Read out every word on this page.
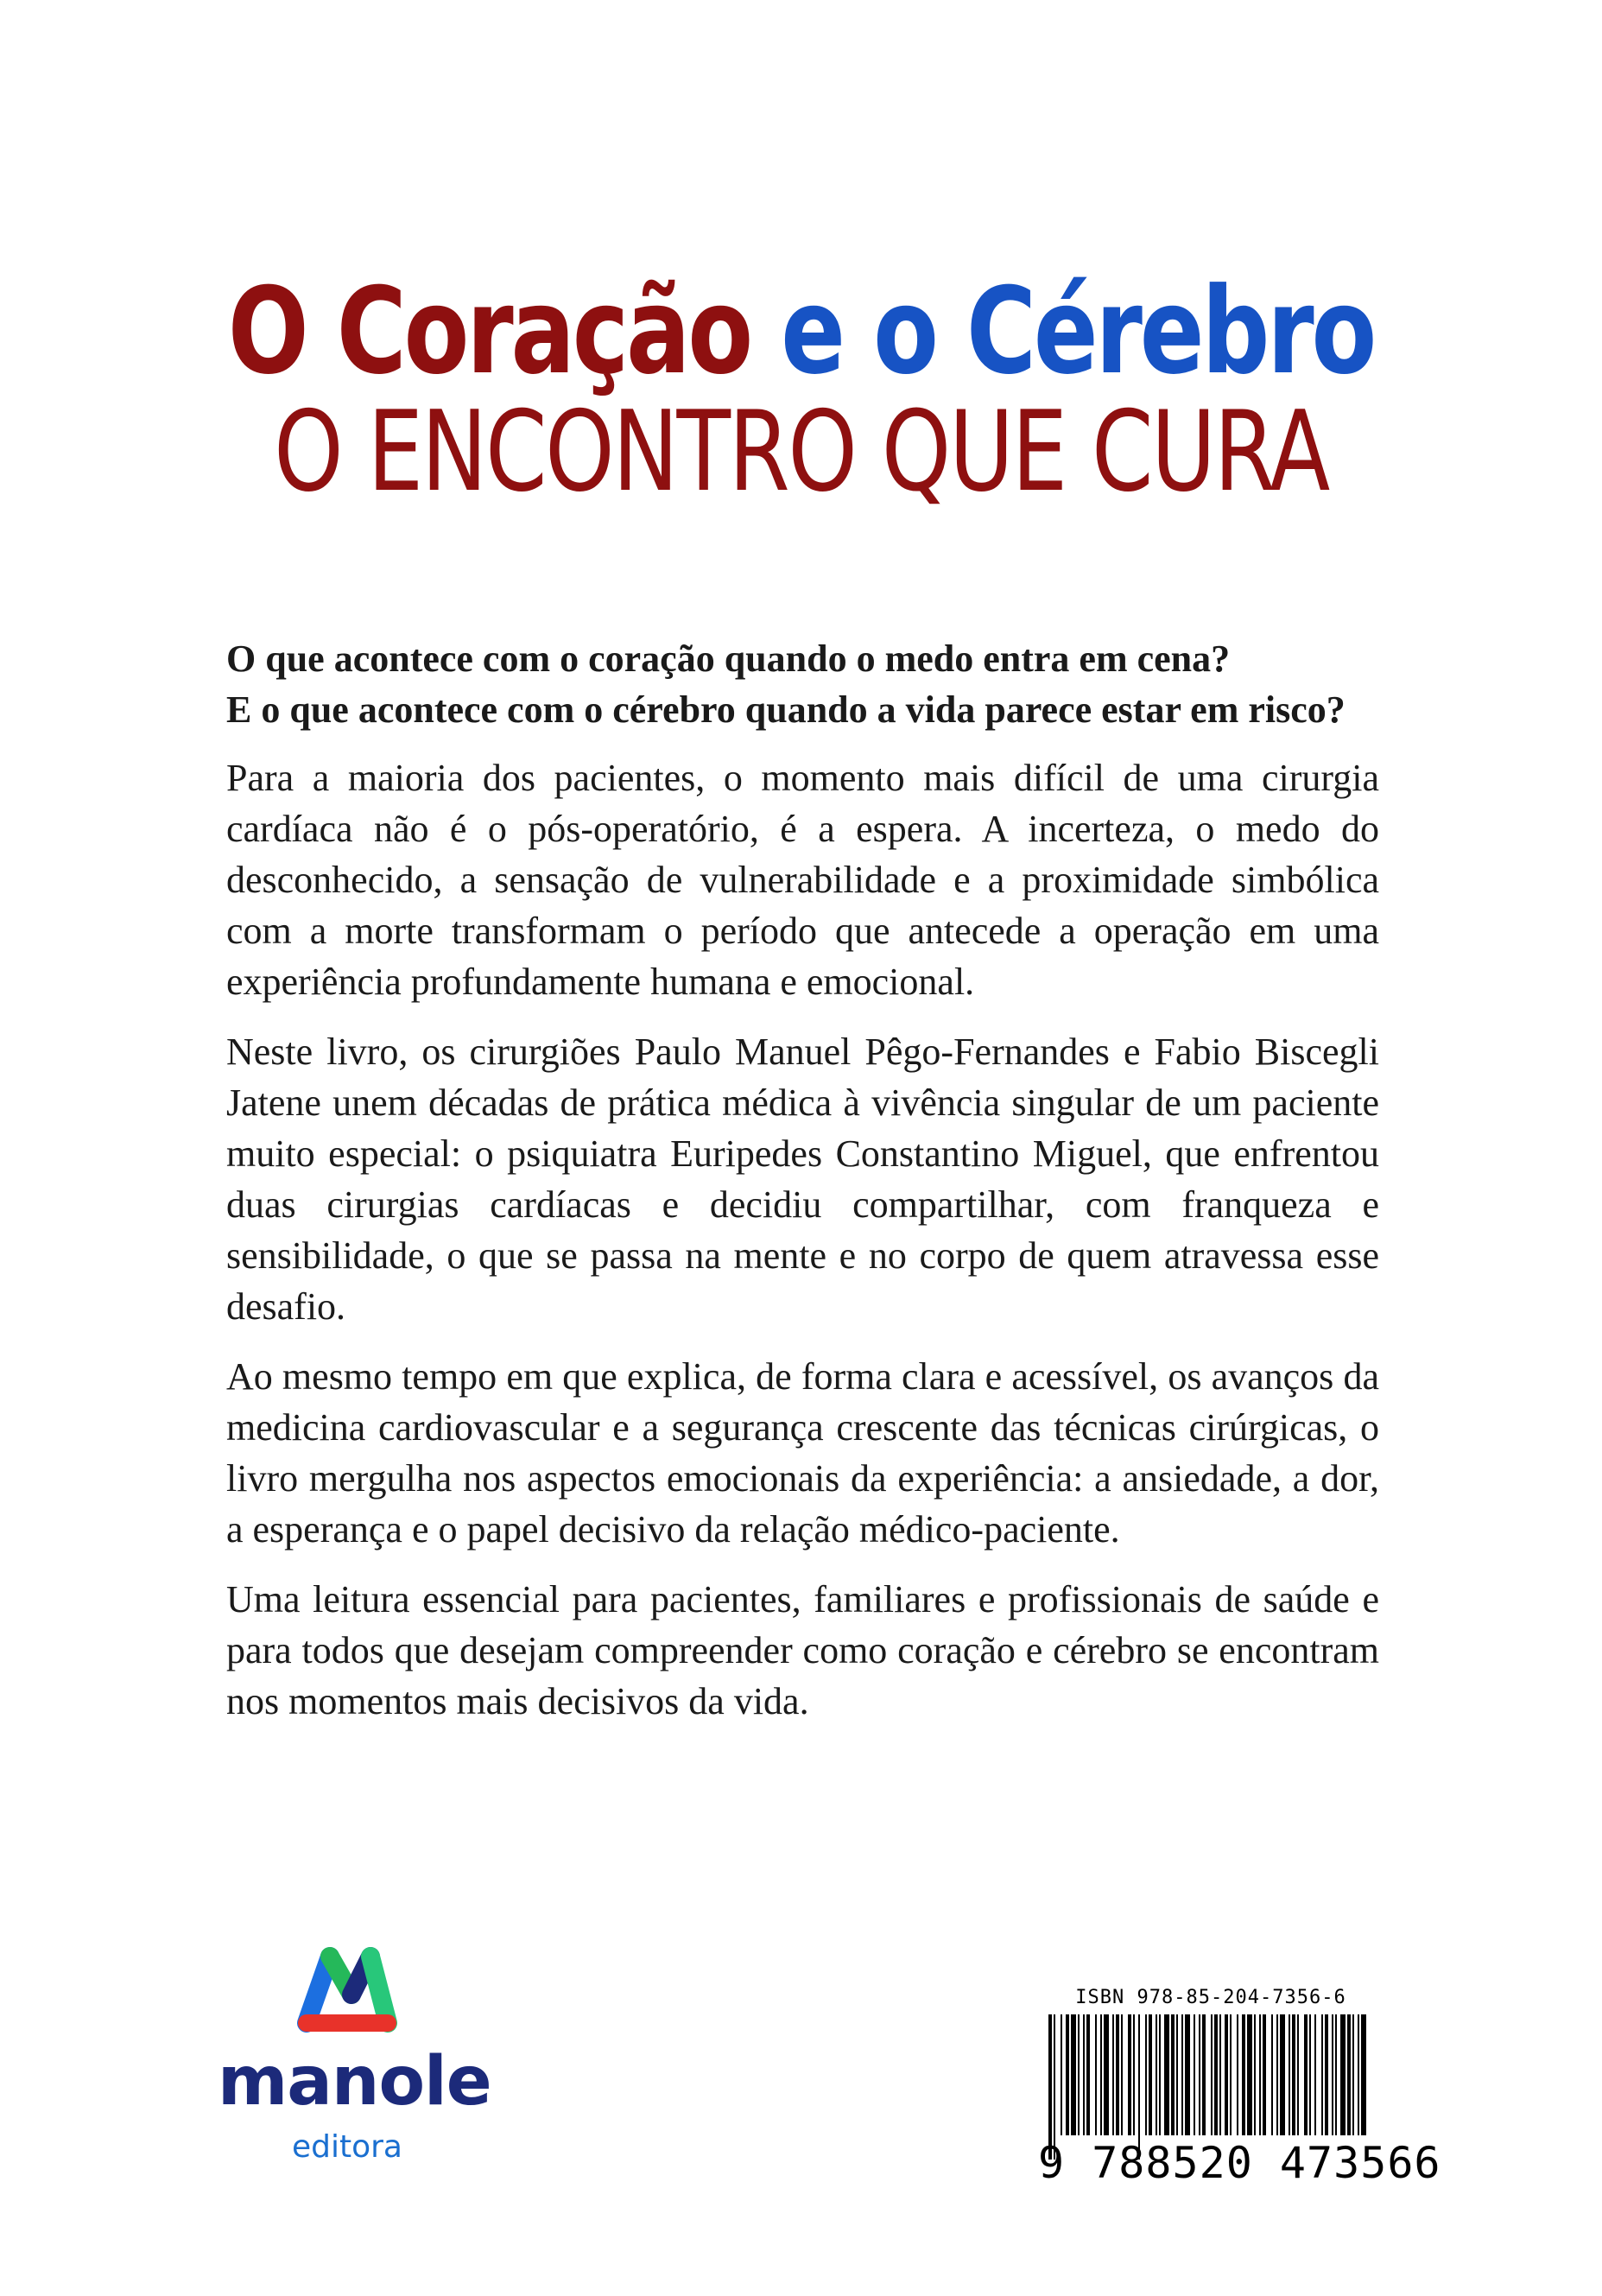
O Coração e o Cérebro
O ENCONTRO QUE CURA

O que acontece com o coração quando o medo entra em cena?
E o que acontece com o cérebro quando a vida parece estar em risco?

Para a maioria dos pacientes, o momento mais difícil de uma cirurgia cardíaca não é o pós-operatório, é a espera. A incerteza, o medo do desconhecido, a sensação de vulnerabilidade e a proximidade simbólica com a morte transformam o período que antecede a operação em uma experiência profundamente humana e emocional.

Neste livro, os cirurgiões Paulo Manuel Pêgo-Fernandes e Fabio Biscegli Jatene unem décadas de prática médica à vivência singular de um paciente muito especial: o psiquiatra Euripedes Constantino Miguel, que enfrentou duas cirurgias cardíacas e decidiu compartilhar, com franqueza e sensibilidade, o que se passa na mente e no corpo de quem atravessa esse desafio.

Ao mesmo tempo em que explica, de forma clara e acessível, os avanços da medicina cardiovascular e a segurança crescente das técnicas cirúrgicas, o livro mergulha nos aspectos emocionais da experiência: a ansiedade, a dor, a esperança e o papel decisivo da relação médico-paciente.

Uma leitura essencial para pacientes, familiares e profissionais de saúde e para todos que desejam compreender como coração e cérebro se encontram nos momentos mais decisivos da vida.

manole
editora
ISBN 978-85-204-7356-6
9 788520 473566
